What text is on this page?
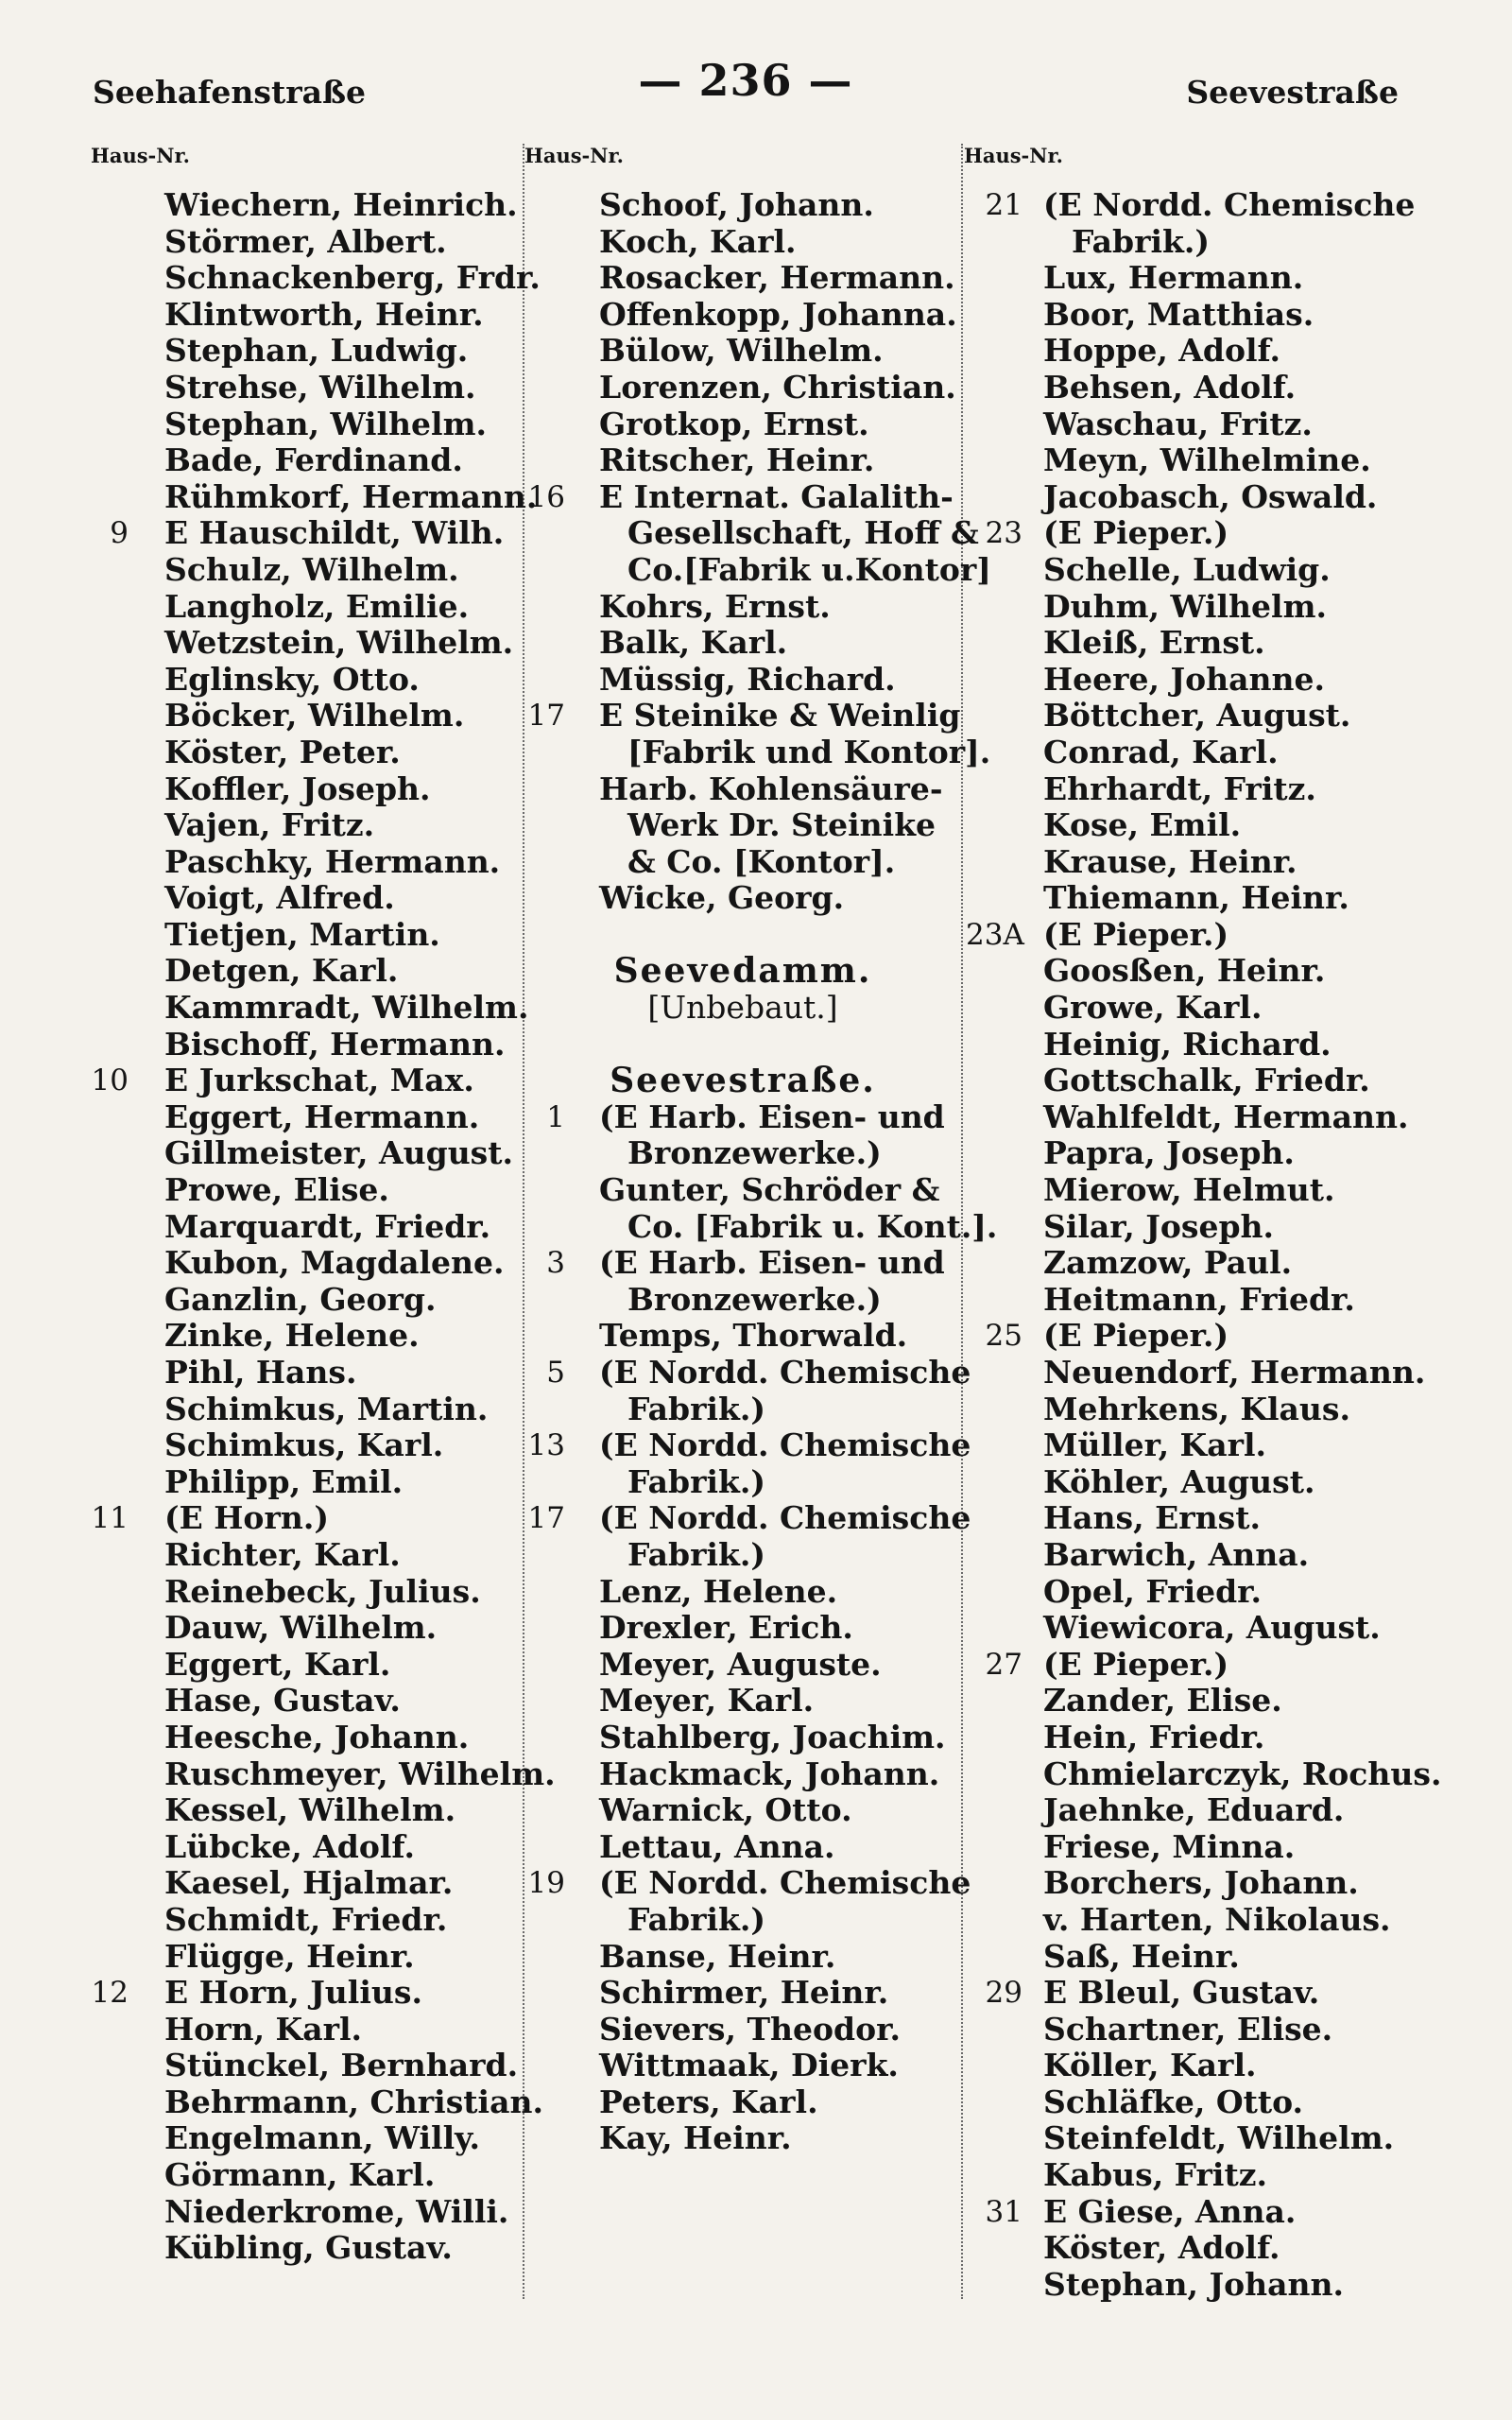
Seehafenstraße	— 236 —	Seevestraße
Haus-Nr.	Haus-Nr.	Haus-Nr.
Wiechern, Heinrich.
Störmer, Albert.
Schnackenberg, Frdr.
Klintworth, Heinr.
Stephan, Ludwig.
Strehse, Wilhelm.
Stephan, Wilhelm.
Bade, Ferdinand.
Rühmkorf, Hermann.
9 E Hauschildt, Wilh.
Schulz, Wilhelm.
Langholz, Emilie.
Wetzstein, Wilhelm.
Eglinsky, Otto.
Böcker, Wilhelm.
Köster, Peter.
Koffler, Joseph.
Vajen, Fritz.
Paschky, Hermann.
Voigt, Alfred.
Tietjen, Martin.
Detgen, Karl.
Kammradt, Wilhelm.
Bischoff, Hermann.
10 E Jurkschat, Max.
Eggert, Hermann.
Gillmeister, August.
Prowe, Elise.
Marquardt, Friedr.
Kubon, Magdalene.
Ganzlin, Georg.
Zinke, Helene.
Pihl, Hans.
Schimkus, Martin.
Schimkus, Karl.
Philipp, Emil.
11 (E Horn.)
Richter, Karl.
Reinebeck, Julius.
Dauw, Wilhelm.
Eggert, Karl.
Hase, Gustav.
Heesche, Johann.
Ruschmeyer, Wilhelm.
Kessel, Wilhelm.
Lübcke, Adolf.
Kaesel, Hjalmar.
Schmidt, Friedr.
Flügge, Heinr.
12 E Horn, Julius.
Horn, Karl.
Stünckel, Bernhard.
Behrmann, Christian.
Engelmann, Willy.
Görmann, Karl.
Niederkrome, Willi.
Kübling, Gustav.
Schoof, Johann.
Koch, Karl.
Rosacker, Hermann.
Offenkopp, Johanna.
Bülow, Wilhelm.
Lorenzen, Christian.
Grotkop, Ernst.
Ritscher, Heinr.
16 E Internat. Galalith-
Gesellschaft, Hoff &
Co.[Fabrik u.Kontor]
Kohrs, Ernst.
Balk, Karl.
Müssig, Richard.
17 E Steinike & Weinlig
[Fabrik und Kontor].
Harb. Kohlensäure-
Werk Dr. Steinike
& Co. [Kontor].
Wicke, Georg.
Seevedamm.
[Unbebaut.]
Seevestraße.
1 (E Harb. Eisen- und
Bronzewerke.)
Gunter, Schröder &
Co. [Fabrik u. Kont.].
3 (E Harb. Eisen- und
Bronzewerke.)
Temps, Thorwald.
5 (E Nordd. Chemische
Fabrik.)
13 (E Nordd. Chemische
Fabrik.)
17 (E Nordd. Chemische
Fabrik.)
Lenz, Helene.
Drexler, Erich.
Meyer, Auguste.
Meyer, Karl.
Stahlberg, Joachim.
Hackmack, Johann.
Warnick, Otto.
Lettau, Anna.
19 (E Nordd. Chemische
Fabrik.)
Banse, Heinr.
Schirmer, Heinr.
Sievers, Theodor.
Wittmaak, Dierk.
Peters, Karl.
Kay, Heinr.
21 (E Nordd. Chemische
Fabrik.)
Lux, Hermann.
Boor, Matthias.
Hoppe, Adolf.
Behsen, Adolf.
Waschau, Fritz.
Meyn, Wilhelmine.
Jacobasch, Oswald.
23 (E Pieper.)
Schelle, Ludwig.
Duhm, Wilhelm.
Kleiß, Ernst.
Heere, Johanne.
Böttcher, August.
Conrad, Karl.
Ehrhardt, Fritz.
Kose, Emil.
Krause, Heinr.
Thiemann, Heinr.
23A (E Pieper.)
Goosßen, Heinr.
Growe, Karl.
Heinig, Richard.
Gottschalk, Friedr.
Wahlfeldt, Hermann.
Papra, Joseph.
Mierow, Helmut.
Silar, Joseph.
Zamzow, Paul.
Heitmann, Friedr.
25 (E Pieper.)
Neuendorf, Hermann.
Mehrkens, Klaus.
Müller, Karl.
Köhler, August.
Hans, Ernst.
Barwich, Anna.
Opel, Friedr.
Wiewicora, August.
27 (E Pieper.)
Zander, Elise.
Hein, Friedr.
Chmielarczyk, Rochus.
Jaehnke, Eduard.
Friese, Minna.
Borchers, Johann.
v. Harten, Nikolaus.
Saß, Heinr.
29 E Bleul, Gustav.
Schartner, Elise.
Köller, Karl.
Schläfke, Otto.
Steinfeldt, Wilhelm.
Kabus, Fritz.
31 E Giese, Anna.
Köster, Adolf.
Stephan, Johann.
